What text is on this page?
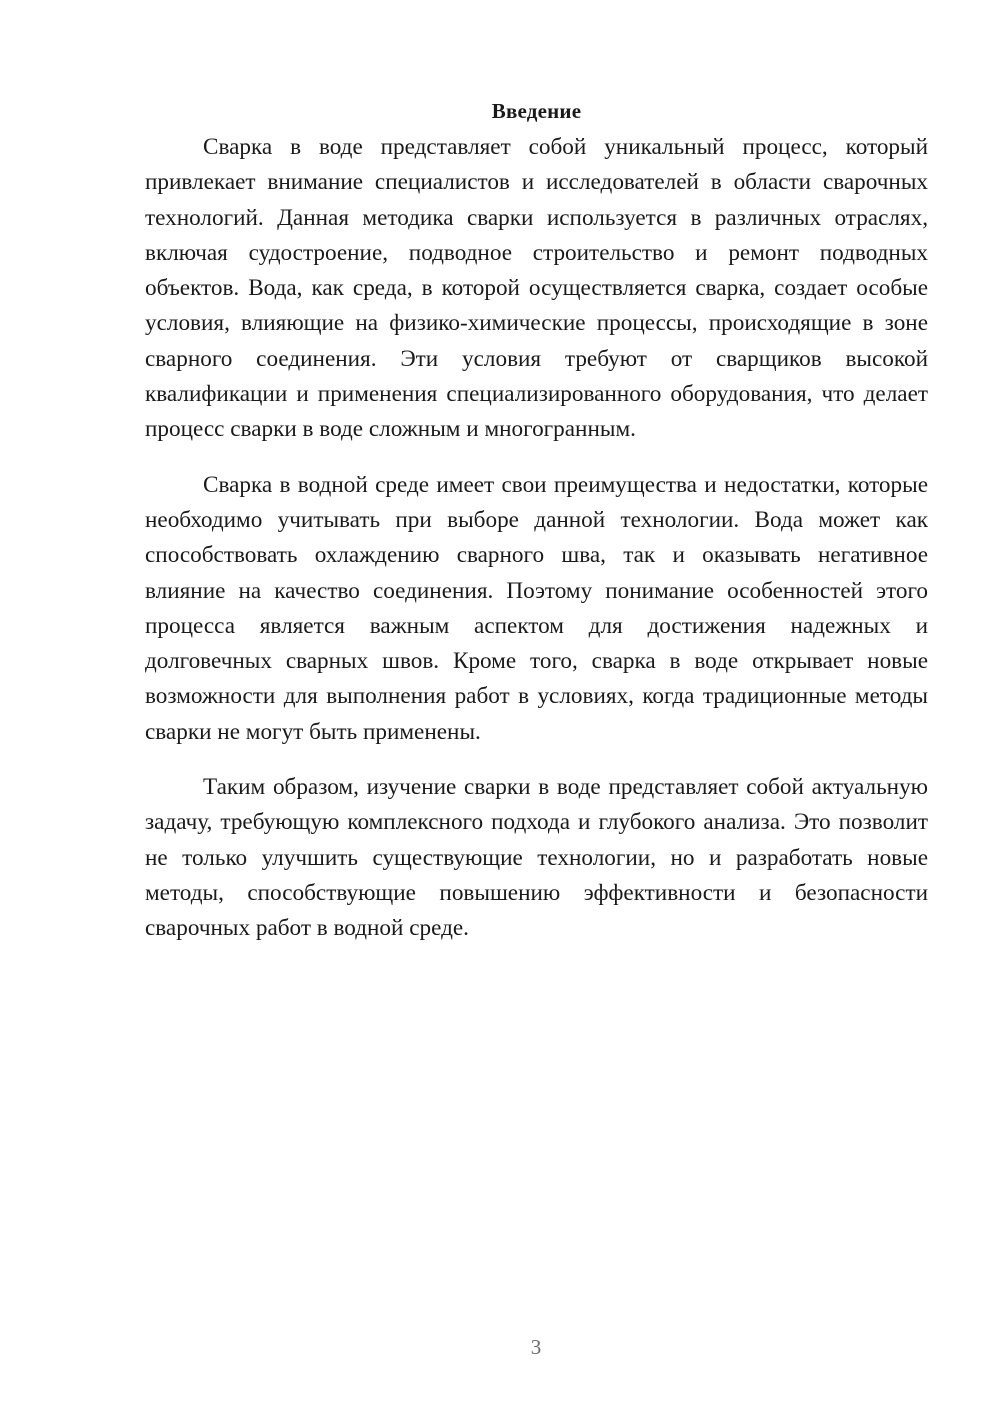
Введение

Сварка в воде представляет собой уникальный процесс, который привлекает внимание специалистов и исследователей в области сварочных технологий. Данная методика сварки используется в различных отраслях, включая судостроение, подводное строительство и ремонт подводных объектов. Вода, как среда, в которой осуществляется сварка, создает особые условия, влияющие на физико-химические процессы, происходящие в зоне сварного соединения. Эти условия требуют от сварщиков высокой квалификации и применения специализированного оборудования, что делает процесс сварки в воде сложным и многогранным.

Сварка в водной среде имеет свои преимущества и недостатки, которые необходимо учитывать при выборе данной технологии. Вода может как способствовать охлаждению сварного шва, так и оказывать негативное влияние на качество соединения. Поэтому понимание особенностей этого процесса является важным аспектом для достижения надежных и долговечных сварных швов. Кроме того, сварка в воде открывает новые возможности для выполнения работ в условиях, когда традиционные методы сварки не могут быть применены.

Таким образом, изучение сварки в воде представляет собой актуальную задачу, требующую комплексного подхода и глубокого анализа. Это позволит не только улучшить существующие технологии, но и разработать новые методы, способствующие повышению эффективности и безопасности сварочных работ в водной среде.

3
